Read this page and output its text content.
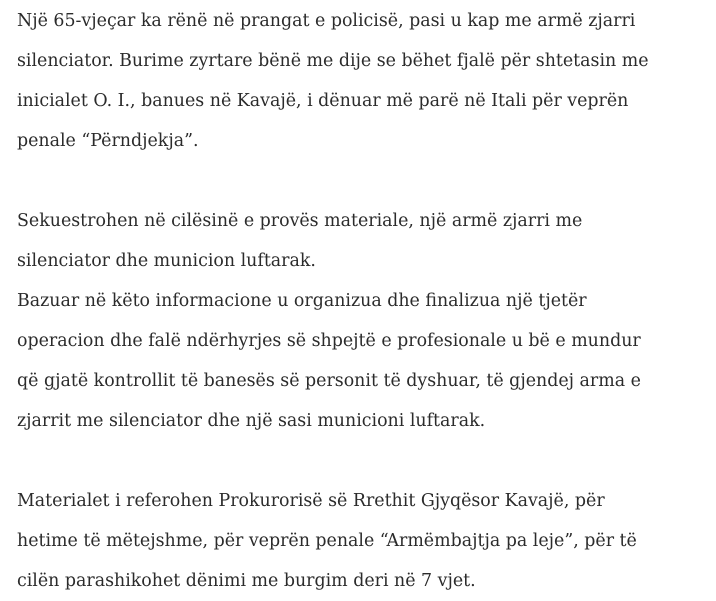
Një 65-vjeçar ka rënë në prangat e policisë, pasi u kap me armë zjarri
silenciator. Burime zyrtare bënë me dije se bëhet fjalë për shtetasin me
inicialet O. I., banues në Kavajë, i dënuar më parë në Itali për veprën
penale “Përndjekja”.

Sekuestrohen në cilësinë e provës materiale, një armë zjarri me
silenciator dhe municion luftarak.
Bazuar në këto informacione u organizua dhe finalizua një tjetër
operacion dhe falë ndërhyrjes së shpejtë e profesionale u bë e mundur
që gjatë kontrollit të banesës së personit të dyshuar, të gjendej arma e
zjarrit me silenciator dhe një sasi municioni luftarak.

Materialet i referohen Prokurorisë së Rrethit Gjyqësor Kavajë, për
hetime të mëtejshme, për veprën penale “Armëmbajtja pa leje”, për të
cilën parashikohet dënimi me burgim deri në 7 vjet.
